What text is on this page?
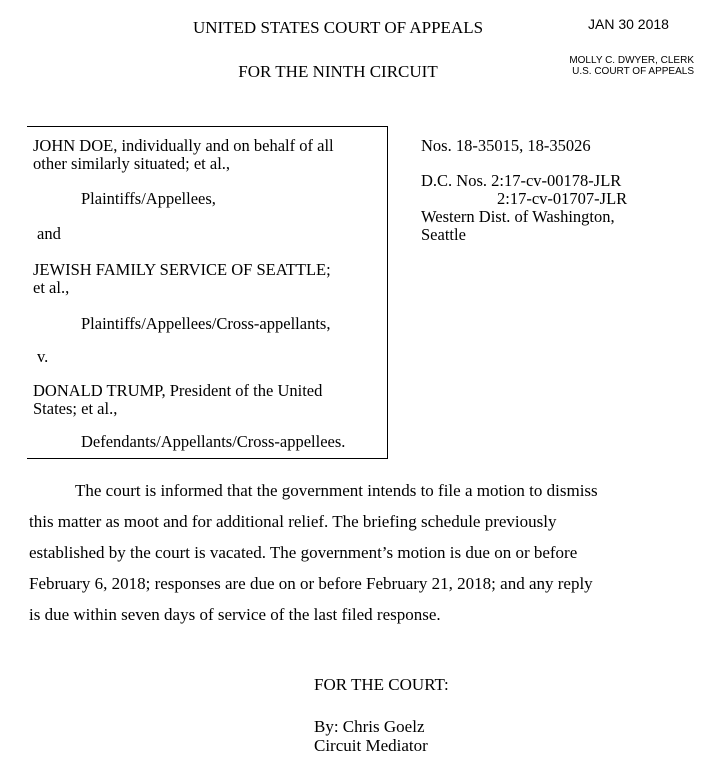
UNITED STATES COURT OF APPEALS
FOR THE NINTH CIRCUIT
JAN 30 2018
MOLLY C. DWYER, CLERK
U.S. COURT OF APPEALS
JOHN DOE, individually and on behalf of all
other similarly situated; et al.,
Plaintiffs/Appellees,
and
JEWISH FAMILY SERVICE OF SEATTLE;
et al.,
Plaintiffs/Appellees/Cross-appellants,
v.
DONALD TRUMP, President of the United
States; et al.,
Defendants/Appellants/Cross-appellees.
Nos. 18-35015, 18-35026
D.C. Nos. 2:17-cv-00178-JLR
2:17-cv-01707-JLR
Western Dist. of Washington,
Seattle
The court is informed that the government intends to file a motion to dismiss
this matter as moot and for additional relief. The briefing schedule previously
established by the court is vacated. The government’s motion is due on or before
February 6, 2018; responses are due on or before February 21, 2018; and any reply
is due within seven days of service of the last filed response.
FOR THE COURT:
By: Chris Goelz
Circuit Mediator
